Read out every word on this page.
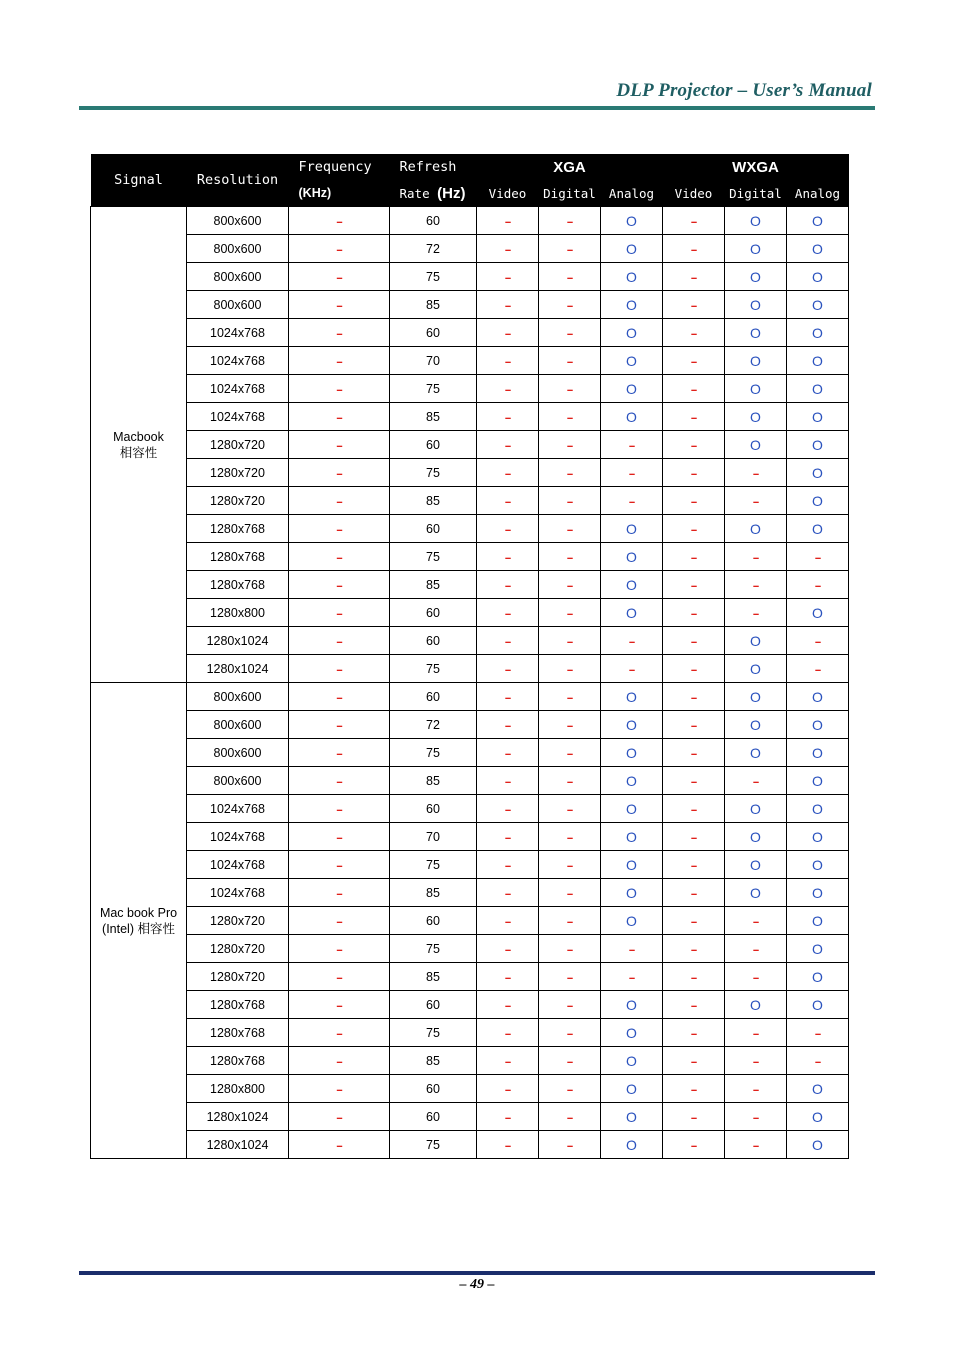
DLP Projector – User’s Manual
Signal	Resolution	Frequency	Refresh	XGA			WXGA		
		(KHz)	Rate (Hz)	Video	Digital	Analog	Video	Digital	Analog

Macbook
相容性	800x600	--	60	--	--	O	--	O	O
	800x600	--	72	--	--	O	--	O	O
	800x600	--	75	--	--	O	--	O	O
	800x600	--	85	--	--	O	--	O	O
	1024x768	--	60	--	--	O	--	O	O
	1024x768	--	70	--	--	O	--	O	O
	1024x768	--	75	--	--	O	--	O	O
	1024x768	--	85	--	--	O	--	O	O
	1280x720	--	60	--	--	--	--	O	O
	1280x720	--	75	--	--	--	--	--	O
	1280x720	--	85	--	--	--	--	--	O
	1280x768	--	60	--	--	O	--	O	O
	1280x768	--	75	--	--	O	--	--	--
	1280x768	--	85	--	--	O	--	--	--
	1280x800	--	60	--	--	O	--	--	O
	1280x1024	--	60	--	--	--	--	O	--
	1280x1024	--	75	--	--	--	--	O	--

Mac book Pro
(Intel) 相容性	800x600	--	60	--	--	O	--	O	O
	800x600	--	72	--	--	O	--	O	O
	800x600	--	75	--	--	O	--	O	O
	800x600	--	85	--	--	O	--	--	O
	1024x768	--	60	--	--	O	--	O	O
	1024x768	--	70	--	--	O	--	O	O
	1024x768	--	75	--	--	O	--	O	O
	1024x768	--	85	--	--	O	--	O	O
	1280x720	--	60	--	--	O	--	--	O
	1280x720	--	75	--	--	--	--	--	O
	1280x720	--	85	--	--	--	--	--	O
	1280x768	--	60	--	--	O	--	O	O
	1280x768	--	75	--	--	O	--	--	--
	1280x768	--	85	--	--	O	--	--	--
	1280x800	--	60	--	--	O	--	--	O
	1280x1024	--	60	--	--	O	--	--	O
	1280x1024	--	75	--	--	O	--	--	O
– 49 –
